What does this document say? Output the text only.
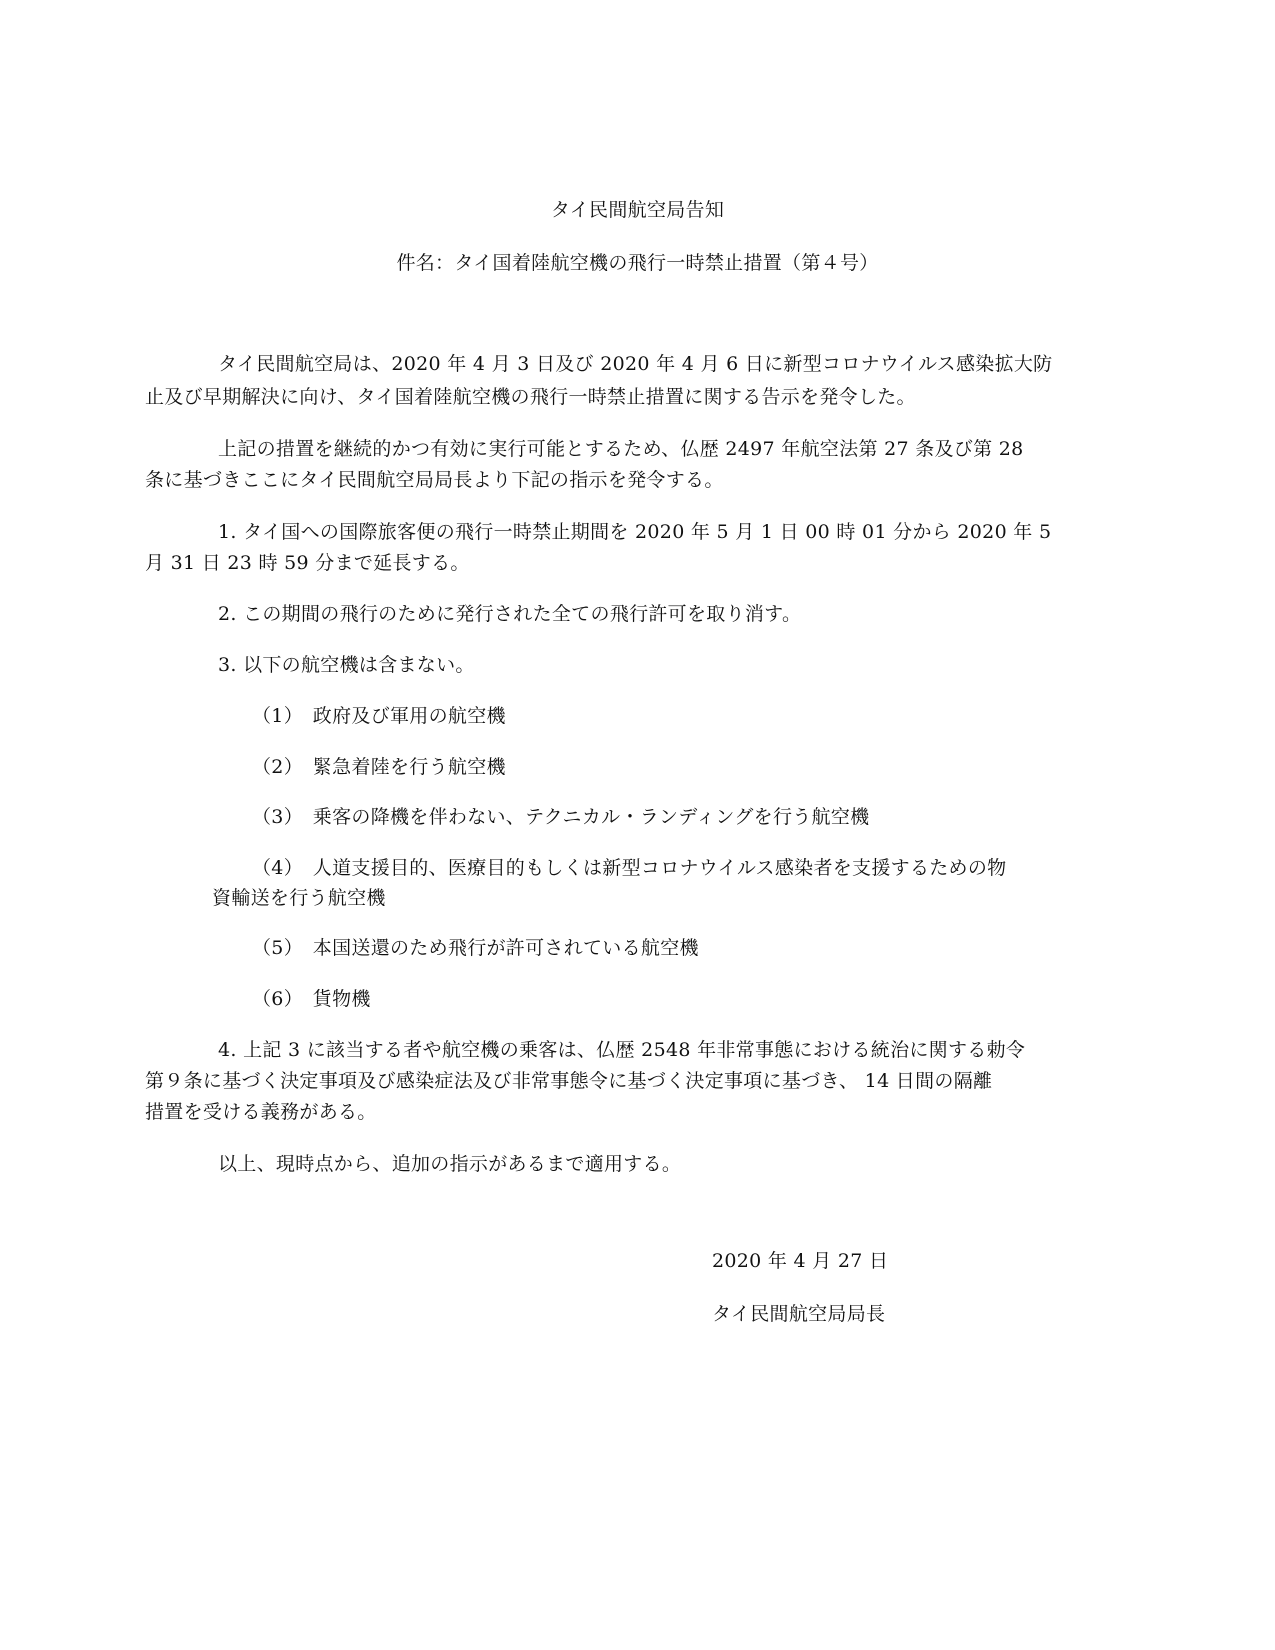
タイ民間航空局告知
件名：タイ国着陸航空機の飛行一時禁止措置（第４号）
タイ民間航空局は、2020 年 4 月 3 日及び 2020 年 4 月 6 日に新型コロナウイルス感染拡大防
止及び早期解決に向け、タイ国着陸航空機の飛行一時禁止措置に関する告示を発令した。
上記の措置を継続的かつ有効に実行可能とするため、仏歴 2497 年航空法第 27 条及び第 28
条に基づきここにタイ民間航空局局長より下記の指示を発令する。
1. タイ国への国際旅客便の飛行一時禁止期間を 2020 年 5 月 1 日 00 時 01 分から 2020 年 5
月 31 日 23 時 59 分まで延長する。
2. この期間の飛行のために発行された全ての飛行許可を取り消す。
3. 以下の航空機は含まない。
（1）　政府及び軍用の航空機
（2）　緊急着陸を行う航空機
（3）　乗客の降機を伴わない、テクニカル・ランディングを行う航空機
（4）　人道支援目的、医療目的もしくは新型コロナウイルス感染者を支援するための物
資輸送を行う航空機
（5）　本国送還のため飛行が許可されている航空機
（6）　貨物機
4. 上記 3 に該当する者や航空機の乗客は、仏歴 2548 年非常事態における統治に関する勅令
第９条に基づく決定事項及び感染症法及び非常事態令に基づく決定事項に基づき、 14 日間の隔離
措置を受ける義務がある。
以上、現時点から、追加の指示があるまで適用する。
2020 年 4 月 27 日
タイ民間航空局局長
